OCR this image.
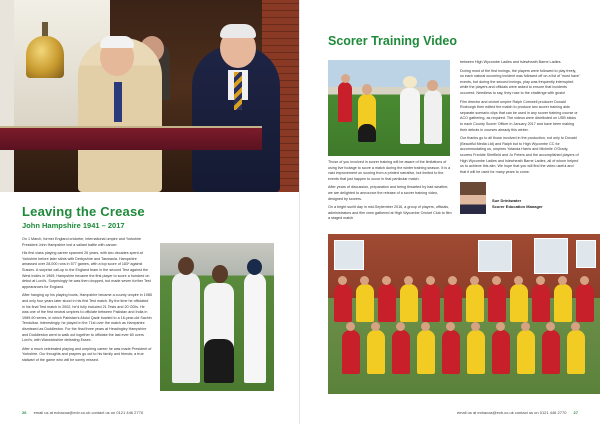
Leaving the Crease
John Hampshire 1941 – 2017

On 1 March, former England cricketer, international umpire and Yorkshire President John Hampshire lost a valiant battle with cancer.

His first class playing career spanned 26 years, with two decades spent at Yorkshire before later stints with Derbyshire and Tasmania. Hampshire amassed over 28,000 runs in 577 games, with a top score of 183* against Sussex. A surprise call-up to the England team in the second Test against the West Indies in 1969, Hampshire became the first player to score a hundred on debut at Lord's. Surprisingly he was then dropped, but made seven further Test appearances for England.

After hanging up his playing boots, Hampshire became a county umpire in 1985 and only four years later stood in his first Test match. By the time he officiated in his final Test match in 2002, he'd fully included 21 Tests and 20 ODIs. He was one of the first neutral umpires to officiate between Pakistan and India in 1989-90 series, in which Pakistan's Abdul Qadir bowled to a 16-year-old Sachin Tendulkar. Interestingly, he played in the 71st over the match as Hampshire dismissed as Duddleston. For the final three years at Headingley Hampshire and Duddleston went to walk out together to officiate the last ever 60 overs Lord's, with Warwickshire defeating Essex.

After a much celebrated playing and umpiring career he was made President of Yorkshire. Our thoughts and prayers go out to his family and friends; a true stalwart of the game who will be sorely missed.

26 email us at ecbacoa@ecb.co.uk contact us on 0121 446 2770
Scorer Training Video

Those of you involved in scorer training will be aware of the limitations of using live footage to score a match during the winter training season. It is a vast improvement on scoring from a printed narrative, but limited to the events that just happen to occur in that particular match.

After years of discussion, preparation and being thwarted by bad weather, we are delighted to announce the release of a scorer training video, designed by scorers.

On a bright sunlit day in mid-September 2016, a group of players, officials, administrators and film crew gathered at High Wycombe Cricket Club to film a staged match

between High Wycombe Ladies and Islewheath Barne Ladies.

During most of the first innings, the players were followed to play freely, so each natural occurring incident was followed off on a list of 'must have' events, but during the second innings, play was frequently interrupted while the players and officials were asked to ensure that incidents occurred. Needless to say, they rose to the challenge with gusto!

Film director and cricket umpire Ralph Cornwell producer Donald Roxburgh then edited the match to produce two scorer training aids separate scenario clips that can be used in any scorer training course or ACO gathering, as required. The videos were distributed on USB sticks to each County Scorer Officer in January 2017 and have been making their debuts in courses already this winter.

Our thanks go to all those involved in the production, not only to Donald (Beautiful Media Ltd) and Ralph but to High Wycombe CC for accommodating us, umpires Yolanda Harris and Michelle O'Grady, scorers Freddie Sheffield and Jo Peters and the accomplished players of High Wycombe Ladies and Islewheath Barne Ladies, all of whom helped us to achieve this aim. We hope that you will find the video useful and that it will be used for many years to come.

Sue Drinkwater
Scorer Education Manager
email us at ecbacoa@ecb.co.uk contact us on 0121 446 2770 27
